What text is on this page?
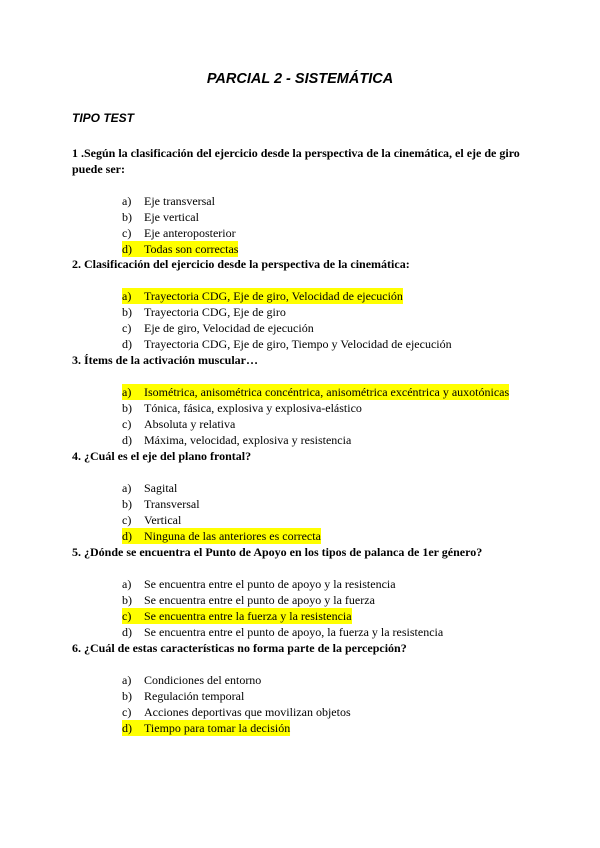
PARCIAL 2 - SISTEMÁTICA
TIPO TEST
1 .Según la clasificación del ejercicio desde la perspectiva de la cinemática, el eje de giro
puede ser:
a) Eje transversal
b) Eje vertical
c) Eje anteroposterior
d) Todas son correctas
2. Clasificación del ejercicio desde la perspectiva de la cinemática:
a) Trayectoria CDG, Eje de giro, Velocidad de ejecución
b) Trayectoria CDG, Eje de giro
c) Eje de giro, Velocidad de ejecución
d) Trayectoria CDG, Eje de giro, Tiempo y Velocidad de ejecución
3. Ítems de la activación muscular…
a) Isométrica, anisométrica concéntrica, anisométrica excéntrica y auxotónicas
b) Tónica, fásica, explosiva y explosiva-elástico
c) Absoluta y relativa
d) Máxima, velocidad, explosiva y resistencia
4. ¿Cuál es el eje del plano frontal?
a) Sagital
b) Transversal
c) Vertical
d) Ninguna de las anteriores es correcta
5. ¿Dónde se encuentra el Punto de Apoyo en los tipos de palanca de 1er género?
a) Se encuentra entre el punto de apoyo y la resistencia
b) Se encuentra entre el punto de apoyo y la fuerza
c) Se encuentra entre la fuerza y la resistencia
d) Se encuentra entre el punto de apoyo, la fuerza y la resistencia
6. ¿Cuál de estas características no forma parte de la percepción?
a) Condiciones del entorno
b) Regulación temporal
c) Acciones deportivas que movilizan objetos
d) Tiempo para tomar la decisión
